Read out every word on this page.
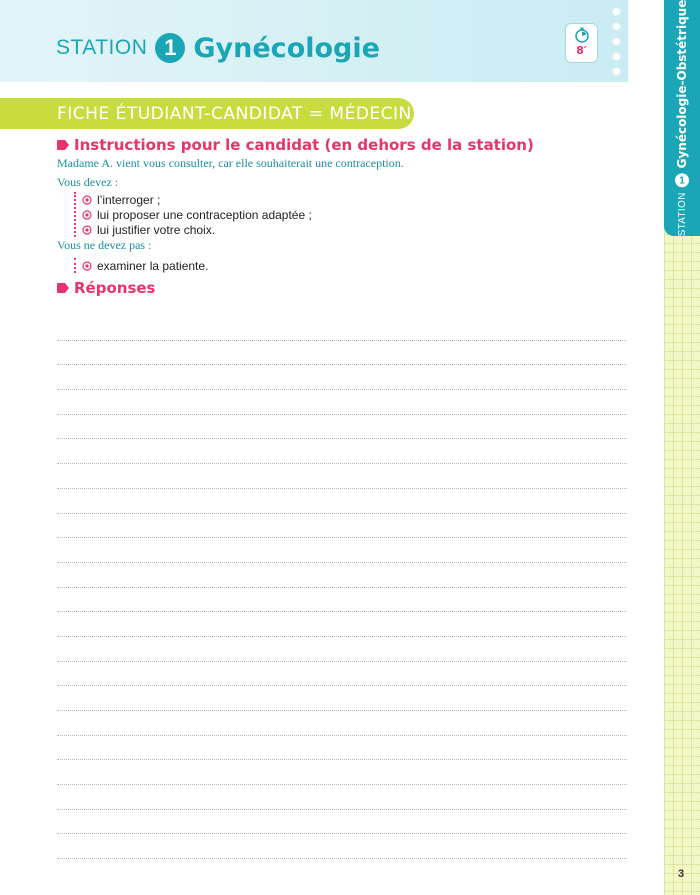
STATION 1 Gynécologie	8′
STATION
1
Gynécologie-Obstétrique
3
FICHE ÉTUDIANT-CANDIDAT = MÉDECIN
Instructions pour le candidat (en dehors de la station)
Madame A. vient vous consulter, car elle souhaiterait une contraception.
Vous devez :
l’interroger ;
lui proposer une contraception adaptée ;
lui justifier votre choix.
Vous ne devez pas :
examiner la patiente.
Réponses
